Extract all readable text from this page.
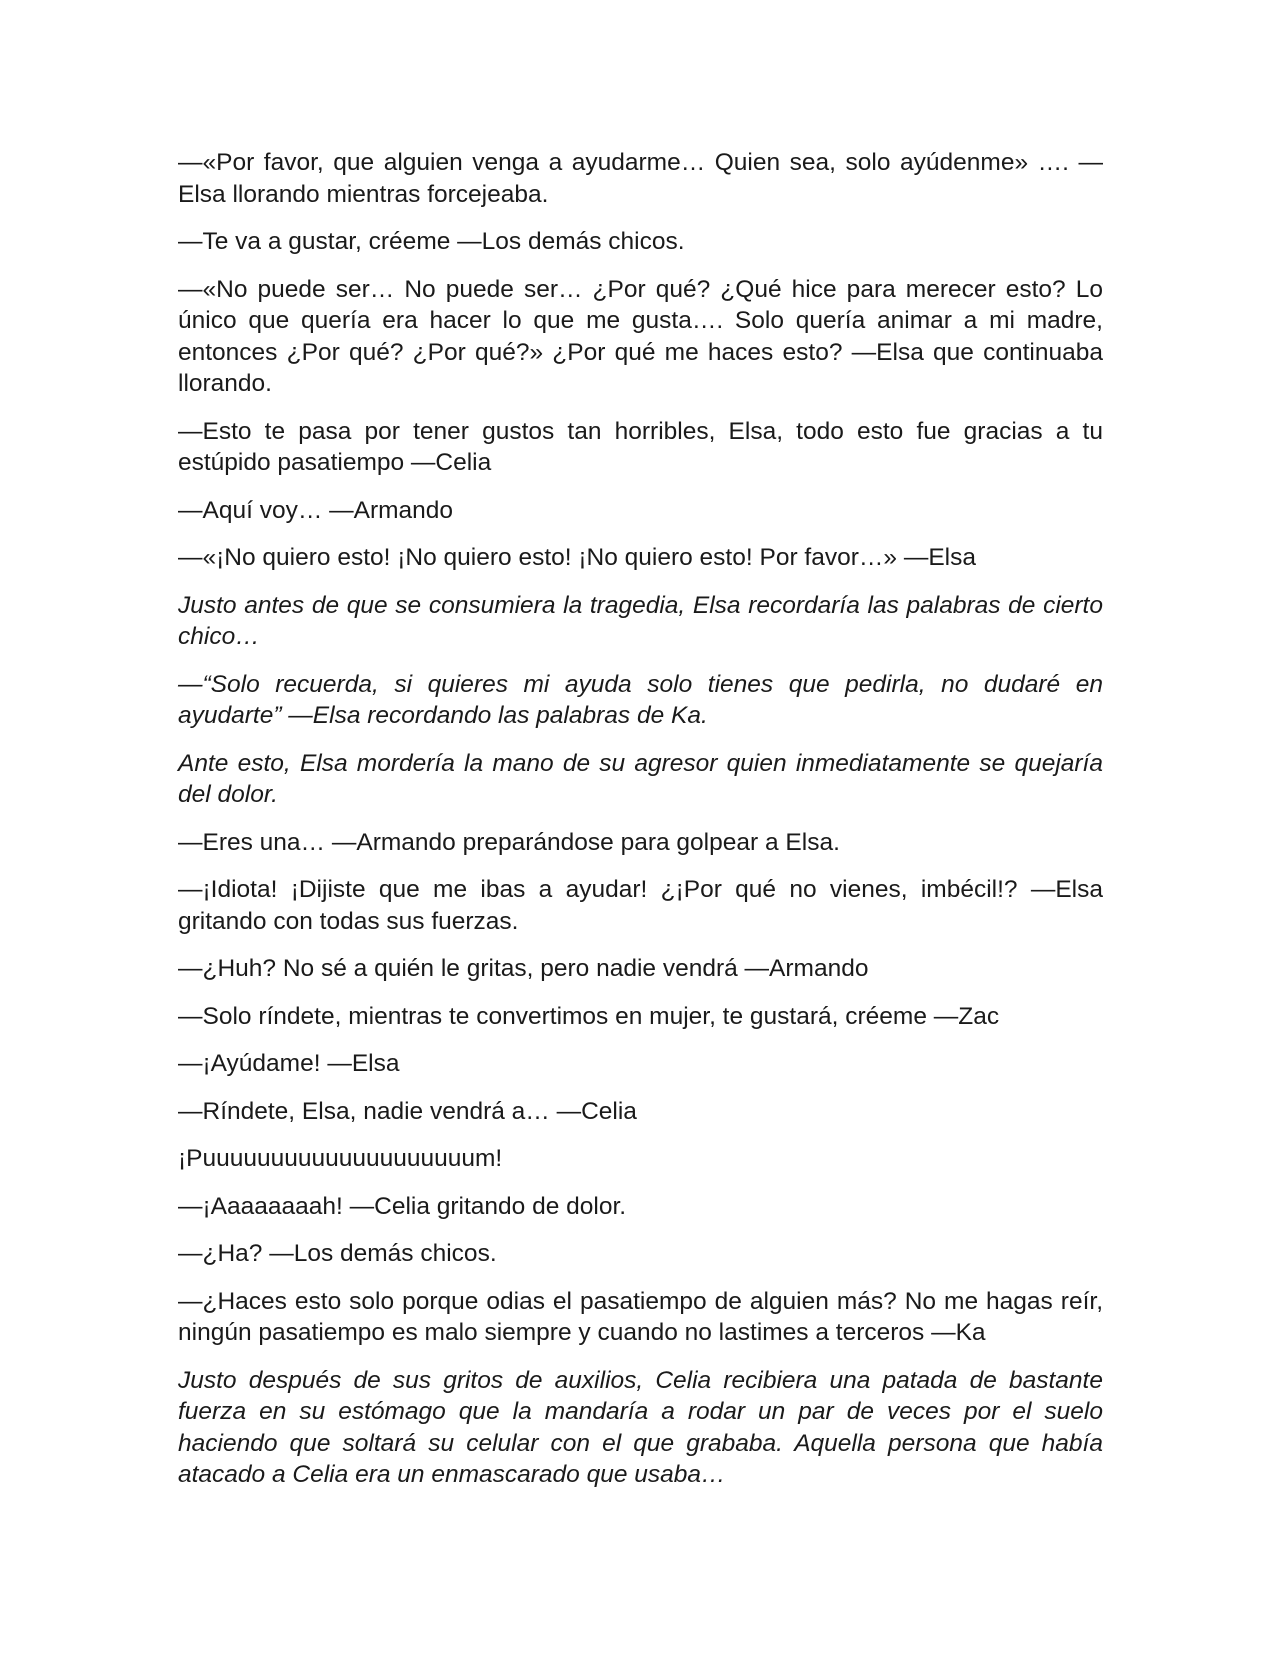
—«Por favor, que alguien venga a ayudarme… Quien sea, solo ayúdenme» …. —Elsa llorando mientras forcejeaba.

—Te va a gustar, créeme —Los demás chicos.

—«No puede ser… No puede ser… ¿Por qué? ¿Qué hice para merecer esto? Lo único que quería era hacer lo que me gusta…. Solo quería animar a mi madre, entonces ¿Por qué? ¿Por qué?» ¿Por qué me haces esto? —Elsa que continuaba llorando.

—Esto te pasa por tener gustos tan horribles, Elsa, todo esto fue gracias a tu estúpido pasatiempo —Celia

—Aquí voy… —Armando

—«¡No quiero esto! ¡No quiero esto! ¡No quiero esto! Por favor…» —Elsa

Justo antes de que se consumiera la tragedia, Elsa recordaría las palabras de cierto chico…

—“Solo recuerda, si quieres mi ayuda solo tienes que pedirla, no dudaré en ayudarte” —Elsa recordando las palabras de Ka.

Ante esto, Elsa mordería la mano de su agresor quien inmediatamente se quejaría del dolor.

—Eres una… —Armando preparándose para golpear a Elsa.

—¡Idiota! ¡Dijiste que me ibas a ayudar! ¿¡Por qué no vienes, imbécil!? —Elsa gritando con todas sus fuerzas.

—¿Huh? No sé a quién le gritas, pero nadie vendrá —Armando

—Solo ríndete, mientras te convertimos en mujer, te gustará, créeme —Zac

—¡Ayúdame! —Elsa

—Ríndete, Elsa, nadie vendrá a… —Celia

¡Puuuuuuuuuuuuuuuuuuuum!

—¡Aaaaaaaah! —Celia gritando de dolor.

—¿Ha? —Los demás chicos.

—¿Haces esto solo porque odias el pasatiempo de alguien más? No me hagas reír, ningún pasatiempo es malo siempre y cuando no lastimes a terceros —Ka

Justo después de sus gritos de auxilios, Celia recibiera una patada de bastante fuerza en su estómago que la mandaría a rodar un par de veces por el suelo haciendo que soltará su celular con el que grababa. Aquella persona que había atacado a Celia era un enmascarado que usaba…
